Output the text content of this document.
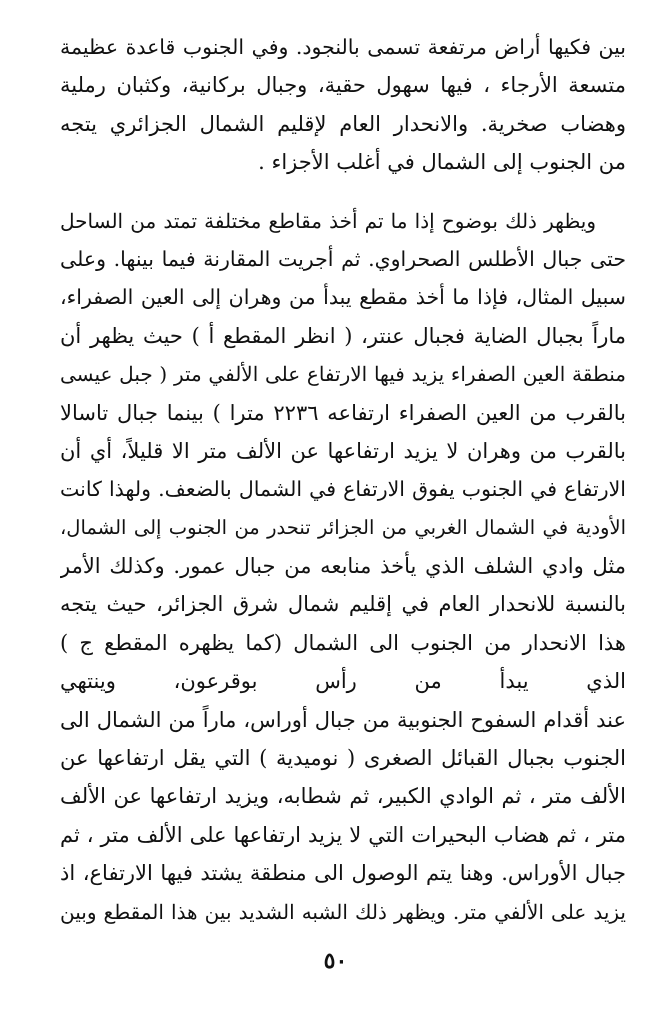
بين فكيها أراض مرتفعة تسمى بالنجود. وفي الجنوب قاعدة عظيمة
متسعة الأرجاء ، فيها سهول حقية، وجبال بركانية، وكثبان رملية
وهضاب صخرية. والانحدار العام لإقليم الشمال الجزائري يتجه
من الجنوب إلى الشمال في أغلب الأجزاء .
ويظهر ذلك بوضوح إذا ما تم أخذ مقاطع مختلفة تمتد من الساحل
حتى جبال الأطلس الصحراوي. ثم أجريت المقارنة فيما بينها. وعلى
سبيل المثال، فإذا ما أخذ مقطع يبدأ من وهران إلى العين الصفراء،
ماراً بجبال الضاية فجبال عنتر، ( انظر المقطع أ ) حيث يظهر أن
منطقة العين الصفراء يزيد فيها الارتفاع على الألفي متر ( جبل عيسى
بالقرب من العين الصفراء ارتفاعه ٢٢٣٦ مترا ) بينما جبال تاسالا
بالقرب من وهران لا يزيد ارتفاعها عن الألف متر الا قليلاً، أي أن
الارتفاع في الجنوب يفوق الارتفاع في الشمال بالضعف. ولهذا كانت
الأودية في الشمال الغربي من الجزائر تنحدر من الجنوب إلى الشمال،
مثل وادي الشلف الذي يأخذ منابعه من جبال عمور. وكذلك الأمر
بالنسبة للانحدار العام في إقليم شمال شرق الجزائر، حيث يتجه
هذا الانحدار من الجنوب الى الشمال (كما يظهره المقطع ج )
الذي يبدأ من رأس بوقرعون، وينتهي
عند أقدام السفوح الجنوبية من جبال أوراس، ماراً من الشمال الى
الجنوب بجبال القبائل الصغرى ( نوميدية ) التي يقل ارتفاعها عن
الألف متر ، ثم الوادي الكبير، ثم شطابه، ويزيد ارتفاعها عن الألف
متر ، ثم هضاب البحيرات التي لا يزيد ارتفاعها على الألف متر ، ثم
جبال الأوراس. وهنا يتم الوصول الى منطقة يشتد فيها الارتفاع، اذ
يزيد على الألفي متر. ويظهر ذلك الشبه الشديد بين هذا المقطع وبين
٥٠
